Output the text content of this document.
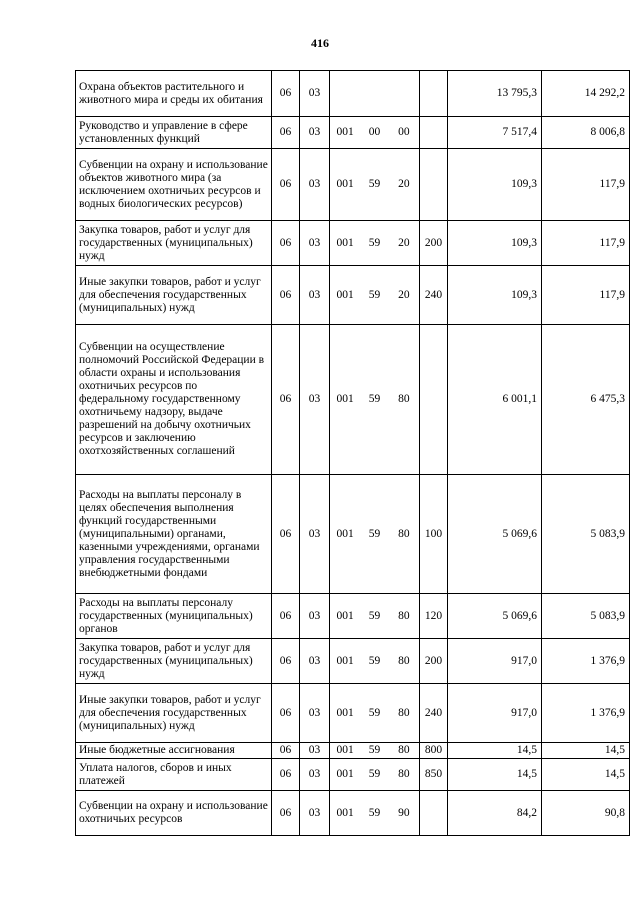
416
Охрана объектов растительного и животного мира и среды их обитания	06	03			13 795,3	14 292,2
Руководство и управление в сфере установленных функций	06	03	001 00 00		7 517,4	8 006,8
Субвенции на охрану и использование объектов животного мира (за исключением охотничьих ресурсов и водных биологических ресурсов)	06	03	001 59 20		109,3	117,9
Закупка товаров, работ и услуг для государственных (муниципальных) нужд	06	03	001 59 20	200	109,3	117,9
Иные закупки товаров, работ и услуг для обеспечения государственных (муниципальных) нужд	06	03	001 59 20	240	109,3	117,9
Субвенции на осуществление полномочий Российской Федерации в области охраны и использования охотничьих ресурсов по федеральному государственному охотничьему надзору, выдаче разрешений на добычу охотничьих ресурсов и заключению охотхозяйственных соглашений	06	03	001 59 80		6 001,1	6 475,3
Расходы на выплаты персоналу в целях обеспечения выполнения функций государственными (муниципальными) органами, казенными учреждениями, органами управления государственными внебюджетными фондами	06	03	001 59 80	100	5 069,6	5 083,9
Расходы на выплаты персоналу государственных (муниципальных) органов	06	03	001 59 80	120	5 069,6	5 083,9
Закупка товаров, работ и услуг для государственных (муниципальных) нужд	06	03	001 59 80	200	917,0	1 376,9
Иные закупки товаров, работ и услуг для обеспечения государственных (муниципальных) нужд	06	03	001 59 80	240	917,0	1 376,9
Иные бюджетные ассигнования	06	03	001 59 80	800	14,5	14,5
Уплата налогов, сборов и иных платежей	06	03	001 59 80	850	14,5	14,5
Субвенции на охрану и использование охотничьих ресурсов	06	03	001 59 90		84,2	90,8
